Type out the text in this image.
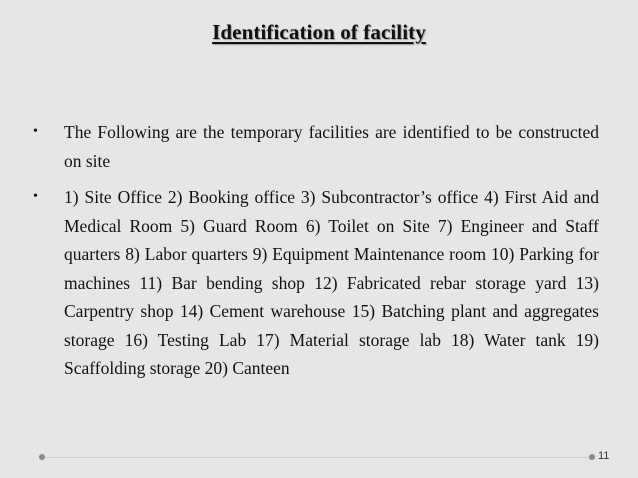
Identification of facility
• The Following are the temporary facilities are identified to be constructed on site
• 1) Site Office 2) Booking office 3) Subcontractor’s office 4) First Aid and Medical Room 5) Guard Room 6) Toilet on Site 7) Engineer and Staff quarters 8) Labor quarters 9) Equipment Maintenance room 10) Parking for machines 11) Bar bending shop 12) Fabricated rebar storage yard 13) Carpentry shop 14) Cement warehouse 15) Batching plant and aggregates storage 16) Testing Lab 17) Material storage lab 18) Water tank 19) Scaffolding storage 20) Canteen
11
